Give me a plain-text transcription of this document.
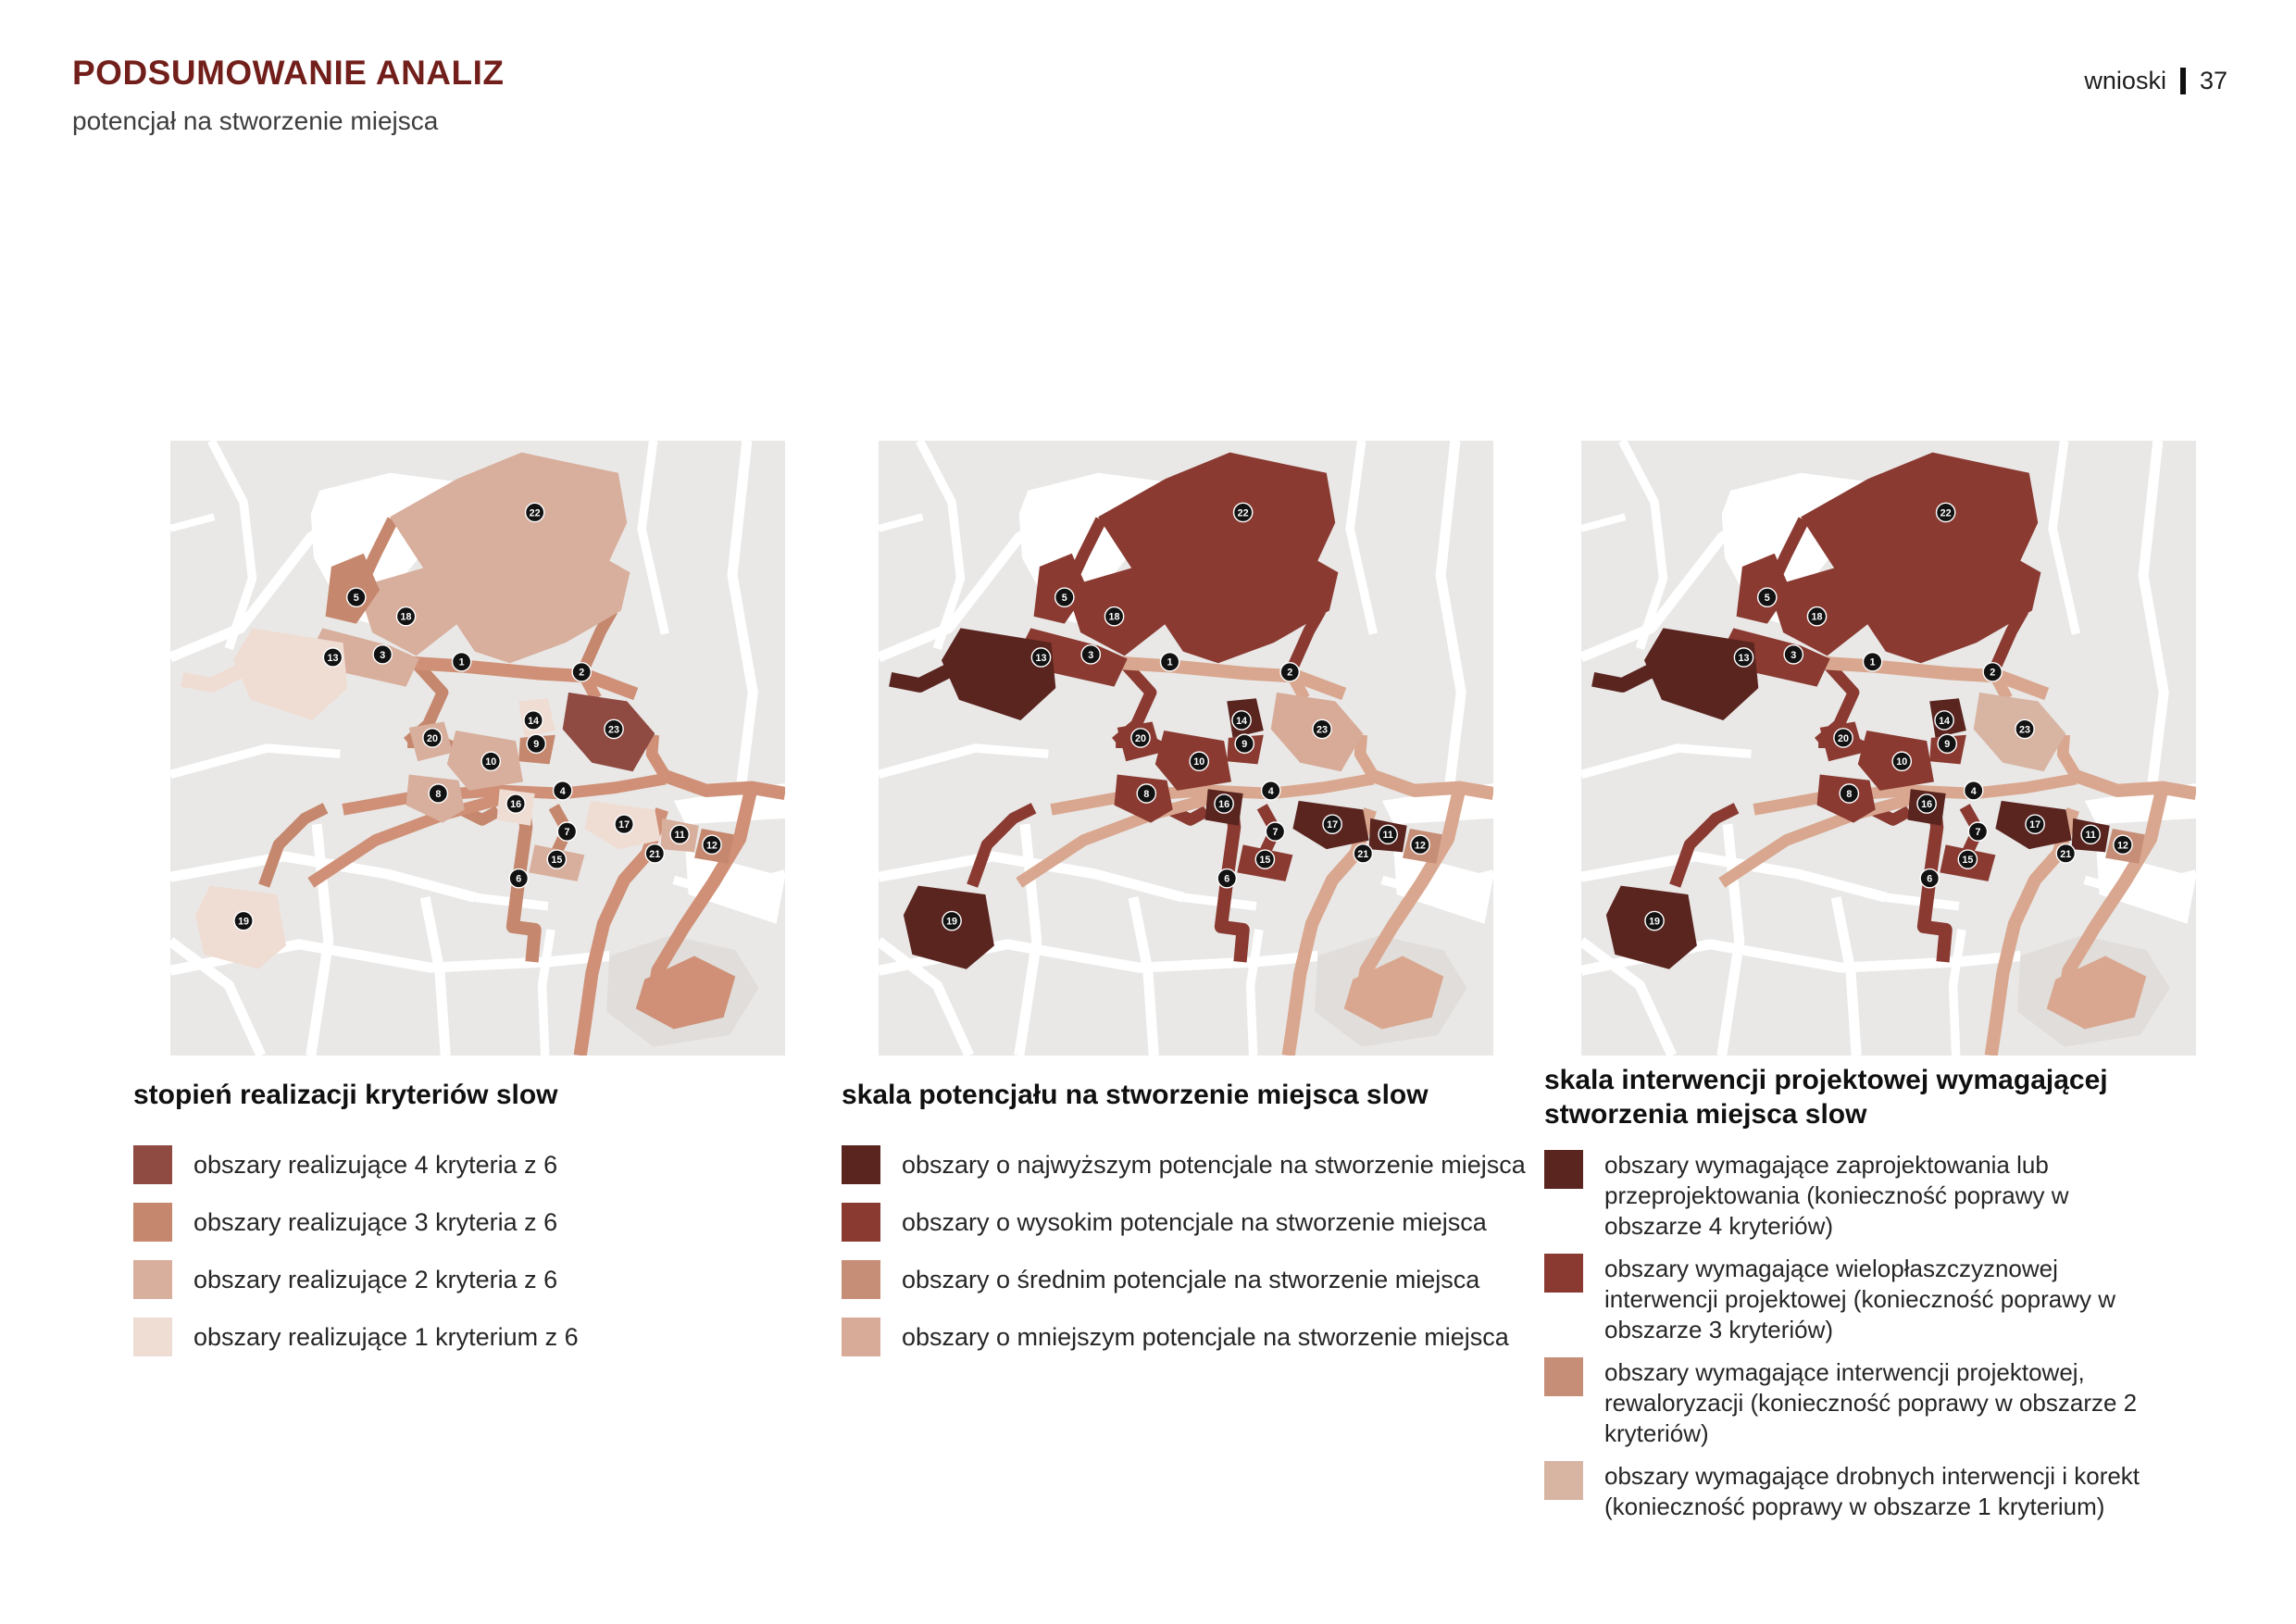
PODSUMOWANIE ANALIZ
potencjał na stworzenie miejsca
wnioski 37
1
2
3
4
5
6
7
8
9
10
11
12
13
14
15
16
17
18
19
20
21
22
23
1
2
3
4
5
6
7
8
9
10
11
12
13
14
15
16
17
18
19
20
21
22
23
1
2
3
4
5
6
7
8
9
10
11
12
13
14
15
16
17
18
19
20
21
22
23
stopień realizacji kryteriów slow
obszary realizujące 4 kryteria z 6
obszary realizujące 3 kryteria z 6
obszary realizujące 2 kryteria z 6
obszary realizujące 1 kryterium z 6
skala potencjału na stworzenie miejsca slow
obszary o najwyższym potencjale na stworzenie miejsca
obszary o wysokim potencjale na stworzenie miejsca
obszary o średnim potencjale na stworzenie miejsca
obszary o mniejszym potencjale na stworzenie miejsca
skala interwencji projektowej wymagającej stworzenia miejsca slow
obszary wymagające zaprojektowania lub przeprojektowania (konieczność poprawy w obszarze 4 kryteriów)
obszary wymagające wielopłaszczyznowej interwencji projektowej (konieczność poprawy w obszarze 3 kryteriów)
obszary wymagające interwencji projektowej, rewaloryzacji (konieczność poprawy w obszarze 2 kryteriów)
obszary wymagające drobnych interwencji i korekt (konieczność poprawy w obszarze 1 kryterium)
